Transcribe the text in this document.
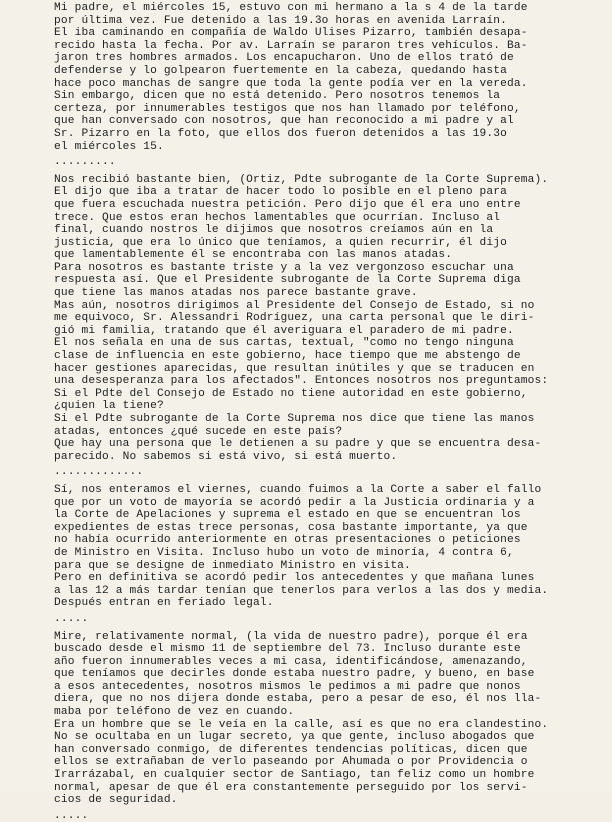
Mi padre, el miércoles 15, estuvo con mi hermano a la s 4 de la tarde
por última vez. Fue detenido a las 19.3o horas en avenida Larraín.
El iba caminando en compañía de Waldo Ulises Pizarro, también desapa-
recido hasta la fecha. Por av. Larraín se pararon tres vehículos. Ba-
jaron tres hombres armados. Los encapucharon. Uno de ellos trató de
defenderse y lo golpearon fuertemente en la cabeza, quedando hasta
hace poco manchas de sangre que toda la gente podía ver en la vereda.
Sin embargo, dicen que no está detenido. Pero nosotros tenemos la
certeza, por innumerables testigos que nos han llamado por teléfono,
que han conversado con nosotros, que han reconocido a mi padre y al
Sr. Pizarro en la foto, que ellos dos fueron detenidos a las 19.3o
el miércoles 15.
.........
Nos recibió bastante bien, (Ortiz, Pdte subrogante de la Corte Suprema).
El dijo que iba a tratar de hacer todo lo posible en el pleno para
que fuera escuchada nuestra petición. Pero dijo que él era uno entre
trece. Que estos eran hechos lamentables que ocurrían. Incluso al
final, cuando nostros le dijimos que nosotros creíamos aún en la
justicia, que era lo único que teníamos, a quien recurrir, él dijo
que lamentablemente él se encontraba con las manos atadas.
Para nosotros es bastante triste y a la vez vergonzoso escuchar una
respuesta así. Que el Presidente subrogante de la Corte Suprema diga
que tiene las manos atadas nos parece bastante grave.
Mas aún, nosotros dirigimos al Presidente del Consejo de Estado, si no
me equivoco, Sr. Alessandri Rodríguez, una carta personal que le diri-
gió mi familia, tratando que él averiguara el paradero de mi padre.
El nos señala en una de sus cartas, textual, "como no tengo ninguna
clase de influencia en este gobierno, hace tiempo que me abstengo de
hacer gestiones aparecidas, que resultan inútiles y que se traducen en
una desesperanza para los afectados". Entonces nosotros nos preguntamos:
Si el Pdte del Consejo de Estado no tiene autoridad en este gobierno,
¿quien la tiene?
Si el Pdte subrogante de la Corte Suprema nos dice que tiene las manos
atadas, entonces ¿qué sucede en este país?
Que hay una persona que le detienen a su padre y que se encuentra desa-
parecido. No sabemos si está vivo, si está muerto.
.............
Sí, nos enteramos el viernes, cuando fuimos a la Corte a saber el fallo
que por un voto de mayoría se acordó pedir a la Justicia ordinaria y a
la Corte de Apelaciones y suprema el estado en que se encuentran los
expedientes de estas trece personas, cosa bastante importante, ya que
no había ocurrido anteriormente en otras presentaciones o peticiones
de Ministro en Visita. Incluso hubo un voto de minoría, 4 contra 6,
para que se designe de inmediato Ministro en visita.
Pero en definitiva se acordó pedir los antecedentes y que mañana lunes
a las 12 a más tardar tenían que tenerlos para verlos a las dos y media.
Después entran en feriado legal.
.....
Mire, relativamente normal, (la vida de nuestro padre), porque él era
buscado desde el mismo 11 de septiembre del 73. Incluso durante este
año fueron innumerables veces a mi casa, identificándose, amenazando,
que teníamos que decirles donde estaba nuestro padre, y bueno, en base
a esos antecedentes, nosotros mismos le pedimos a mi padre que nonos
diera, que no nos dijera donde estaba, pero a pesar de eso, él nos lla-
maba por teléfono de vez en cuando.
Era un hombre que se le veía en la calle, así es que no era clandestino.
No se ocultaba en un lugar secreto, ya que gente, incluso abogados que
han conversado conmigo, de diferentes tendencias políticas, dicen que
ellos se extrañaban de verlo paseando por Ahumada o por Providencia o
Irarrázabal, en cualquier sector de Santiago, tan feliz como un hombre
normal, apesar de que él era constantemente perseguido por los servi-
cios de seguridad.
.....
